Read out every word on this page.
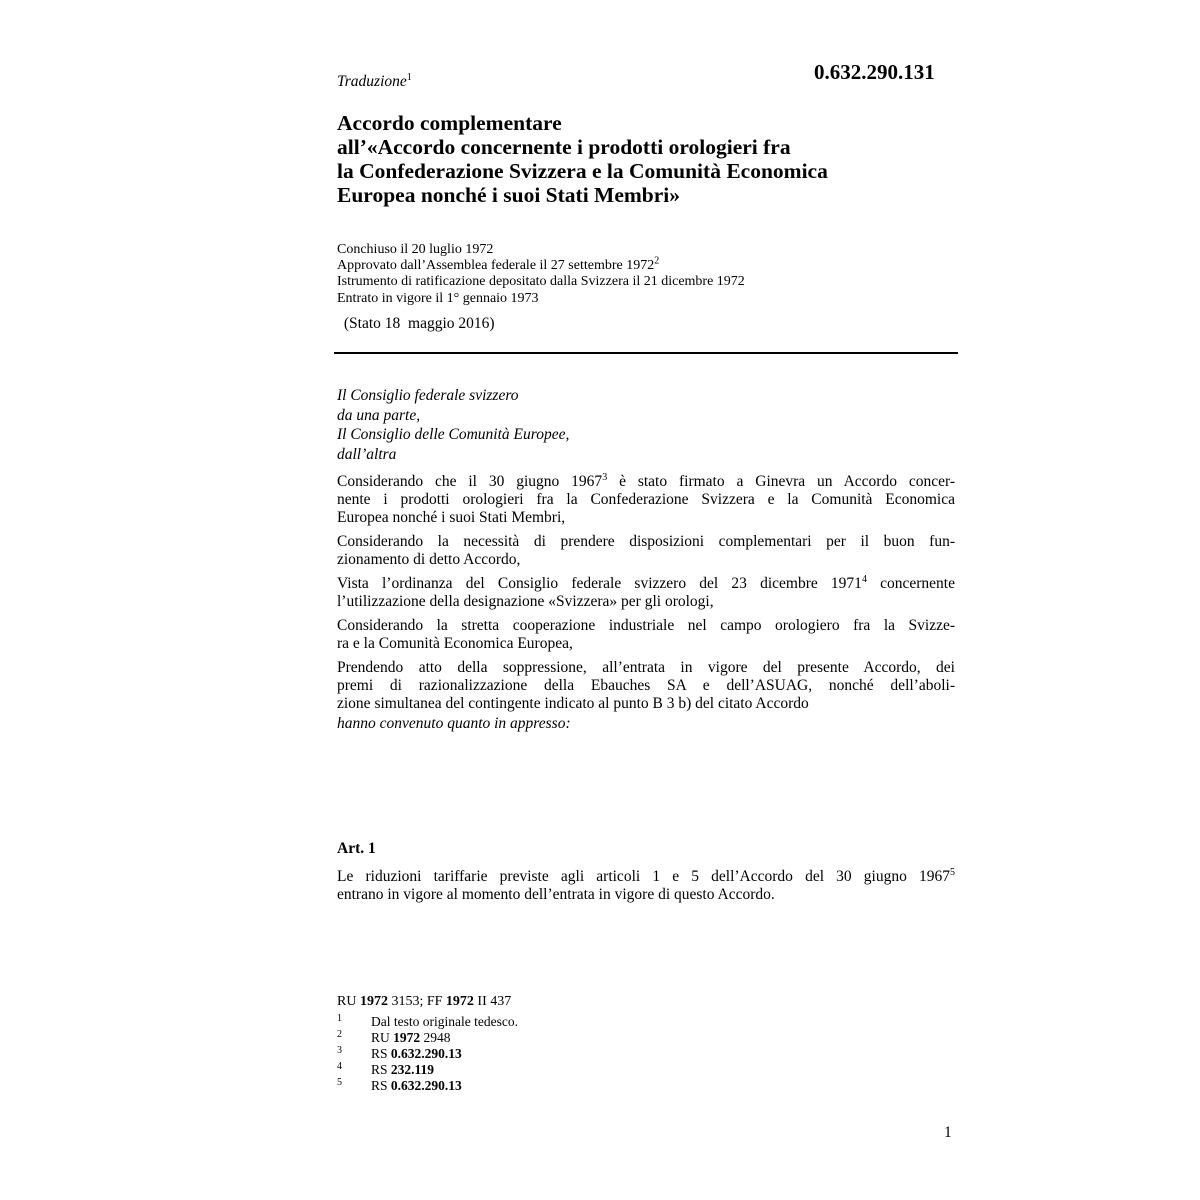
Traduzione$^1$	0.632.290.131
Accordo complementare
all’«Accordo concernente i prodotti orologieri fra
la Confederazione Svizzera e la Comunità Economica
Europea nonché i suoi Stati Membri»
Conchiuso il 20 luglio 1972
Approvato dall’Assemblea federale il 27 settembre 1972$^2$
Istrumento di ratificazione depositato dalla Svizzera il 21 dicembre 1972
Entrato in vigore il 1° gennaio 1973
(Stato 18  maggio 2016)
Il Consiglio federale svizzero
da una parte,
Il Consiglio delle Comunità Europee,
dall’altra
Considerando che il 30 giugno 1967$^3$ è stato firmato a Ginevra un Accordo concer-
nente i prodotti orologieri fra la Confederazione Svizzera e la Comunità Economica
Europea nonché i suoi Stati Membri,
Considerando la necessità di prendere disposizioni complementari per il buon fun-
zionamento di detto Accordo,
Vista l’ordinanza del Consiglio federale svizzero del 23 dicembre 1971$^4$ concernente
l’utilizzazione della designazione «Svizzera» per gli orologi,
Considerando la stretta cooperazione industriale nel campo orologiero fra la Svizze-
ra e la Comunità Economica Europea,
Prendendo atto della soppressione, all’entrata in vigore del presente Accordo, dei
premi di razionalizzazione della Ebauches SA e dell’ASUAG, nonché dell’aboli-
zione simultanea del contingente indicato al punto B 3 b) del citato Accordo
hanno convenuto quanto in appresso:
Art. 1
Le riduzioni tariffarie previste agli articoli 1 e 5 dell’Accordo del 30 giugno 1967$^5$
entrano in vigore al momento dell’entrata in vigore di questo Accordo.
RU 1972 3153; FF 1972 II 437
1 Dal testo originale tedesco.
2 RU 1972 2948
3 RS 0.632.290.13
4 RS 232.119
5 RS 0.632.290.13
1
